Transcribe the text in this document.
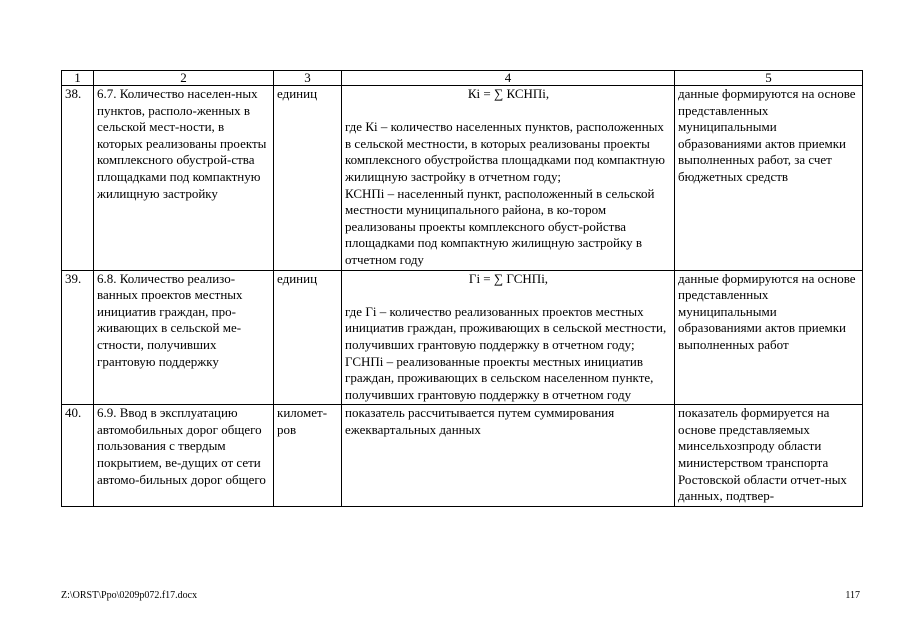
1	2	3	4	5
38.	6.7. Количество населен-ных пунктов, располо-женных в сельской мест-ности, в которых реализованы проекты комплексного обустрой-ства площадками под компактную жилищную застройку	единиц	Кi = ∑ КСНПi,
где Кi – количество населенных пунктов, расположенных в сельской местности, в которых реализованы проекты комплексного обустройства площадками под компактную жилищную застройку в отчетном году;
КСНПi – населенный пункт, расположенный в сельской местности муниципального района, в ко-тором реализованы проекты комплексного обуст-ройства площадками под компактную жилищную застройку в отчетном году	данные формируются на основе представленных муниципальными образованиями актов приемки выполненных работ, за счет бюджетных средств
39.	6.8. Количество реализо-ванных проектов местных инициатив граждан, про-живающих в сельской ме-стности, получивших грантовую поддержку	единиц	Гi = ∑ ГСНПi,
где Гi – количество реализованных проектов местных инициатив граждан, проживающих в сельской местности, получивших грантовую поддержку в отчетном году;
ГСНПi – реализованные проекты местных инициатив граждан, проживающих в сельском населенном пункте, получивших грантовую поддержку в отчетном году	данные формируются на основе представленных муниципальными образованиями актов приемки выполненных работ
40.	6.9. Ввод в эксплуатацию автомобильных дорог общего пользования с твердым покрытием, ве-дущих от сети автомо-бильных дорог общего	километ-ров	показатель рассчитывается путем суммирования ежеквартальных данных	показатель формируется на основе представляемых минсельхозпроду области министерством транспорта Ростовской области отчет-ных данных, подтвер-
Z:\ORST\Ppo\0209p072.f17.docx	117
